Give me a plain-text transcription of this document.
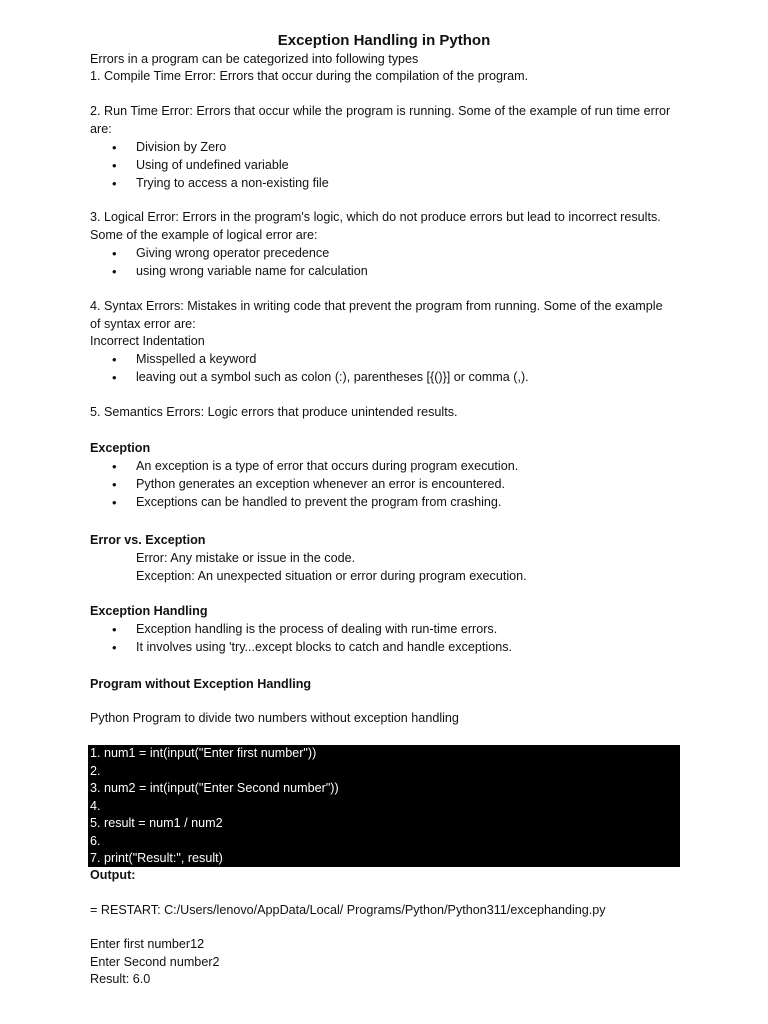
Exception Handling in Python
Errors in a program can be categorized into following types
1. Compile Time Error: Errors that occur during the compilation of the program.
2. Run Time Error: Errors that occur while the program is running. Some of the example of run time error
are:
• Division by Zero
• Using of undefined variable
• Trying to access a non-existing file
3. Logical Error: Errors in the program's logic, which do not produce errors but lead to incorrect results.
Some of the example of logical error are:
• Giving wrong operator precedence
• using wrong variable name for calculation
4. Syntax Errors: Mistakes in writing code that prevent the program from running. Some of the example
of syntax error are:
Incorrect Indentation
• Misspelled a keyword
• leaving out a symbol such as colon (:), parentheses [{()}] or comma (,).
5. Semantics Errors: Logic errors that produce unintended results.
Exception
• An exception is a type of error that occurs during program execution.
• Python generates an exception whenever an error is encountered.
• Exceptions can be handled to prevent the program from crashing.
Error vs. Exception
Error: Any mistake or issue in the code.
Exception: An unexpected situation or error during program execution.
Exception Handling
• Exception handling is the process of dealing with run-time errors.
• It involves using 'try...except blocks to catch and handle exceptions.
Program without Exception Handling
Python Program to divide two numbers without exception handling
1. num1 = int(input("Enter first number"))
2.
3. num2 = int(input("Enter Second number"))
4.
5. result = num1 / num2
6.
7. print("Result:", result)
Output:
= RESTART: C:/Users/lenovo/AppData/Local/ Programs/Python/Python311/excephanding.py
Enter first number12
Enter Second number2
Result: 6.0
